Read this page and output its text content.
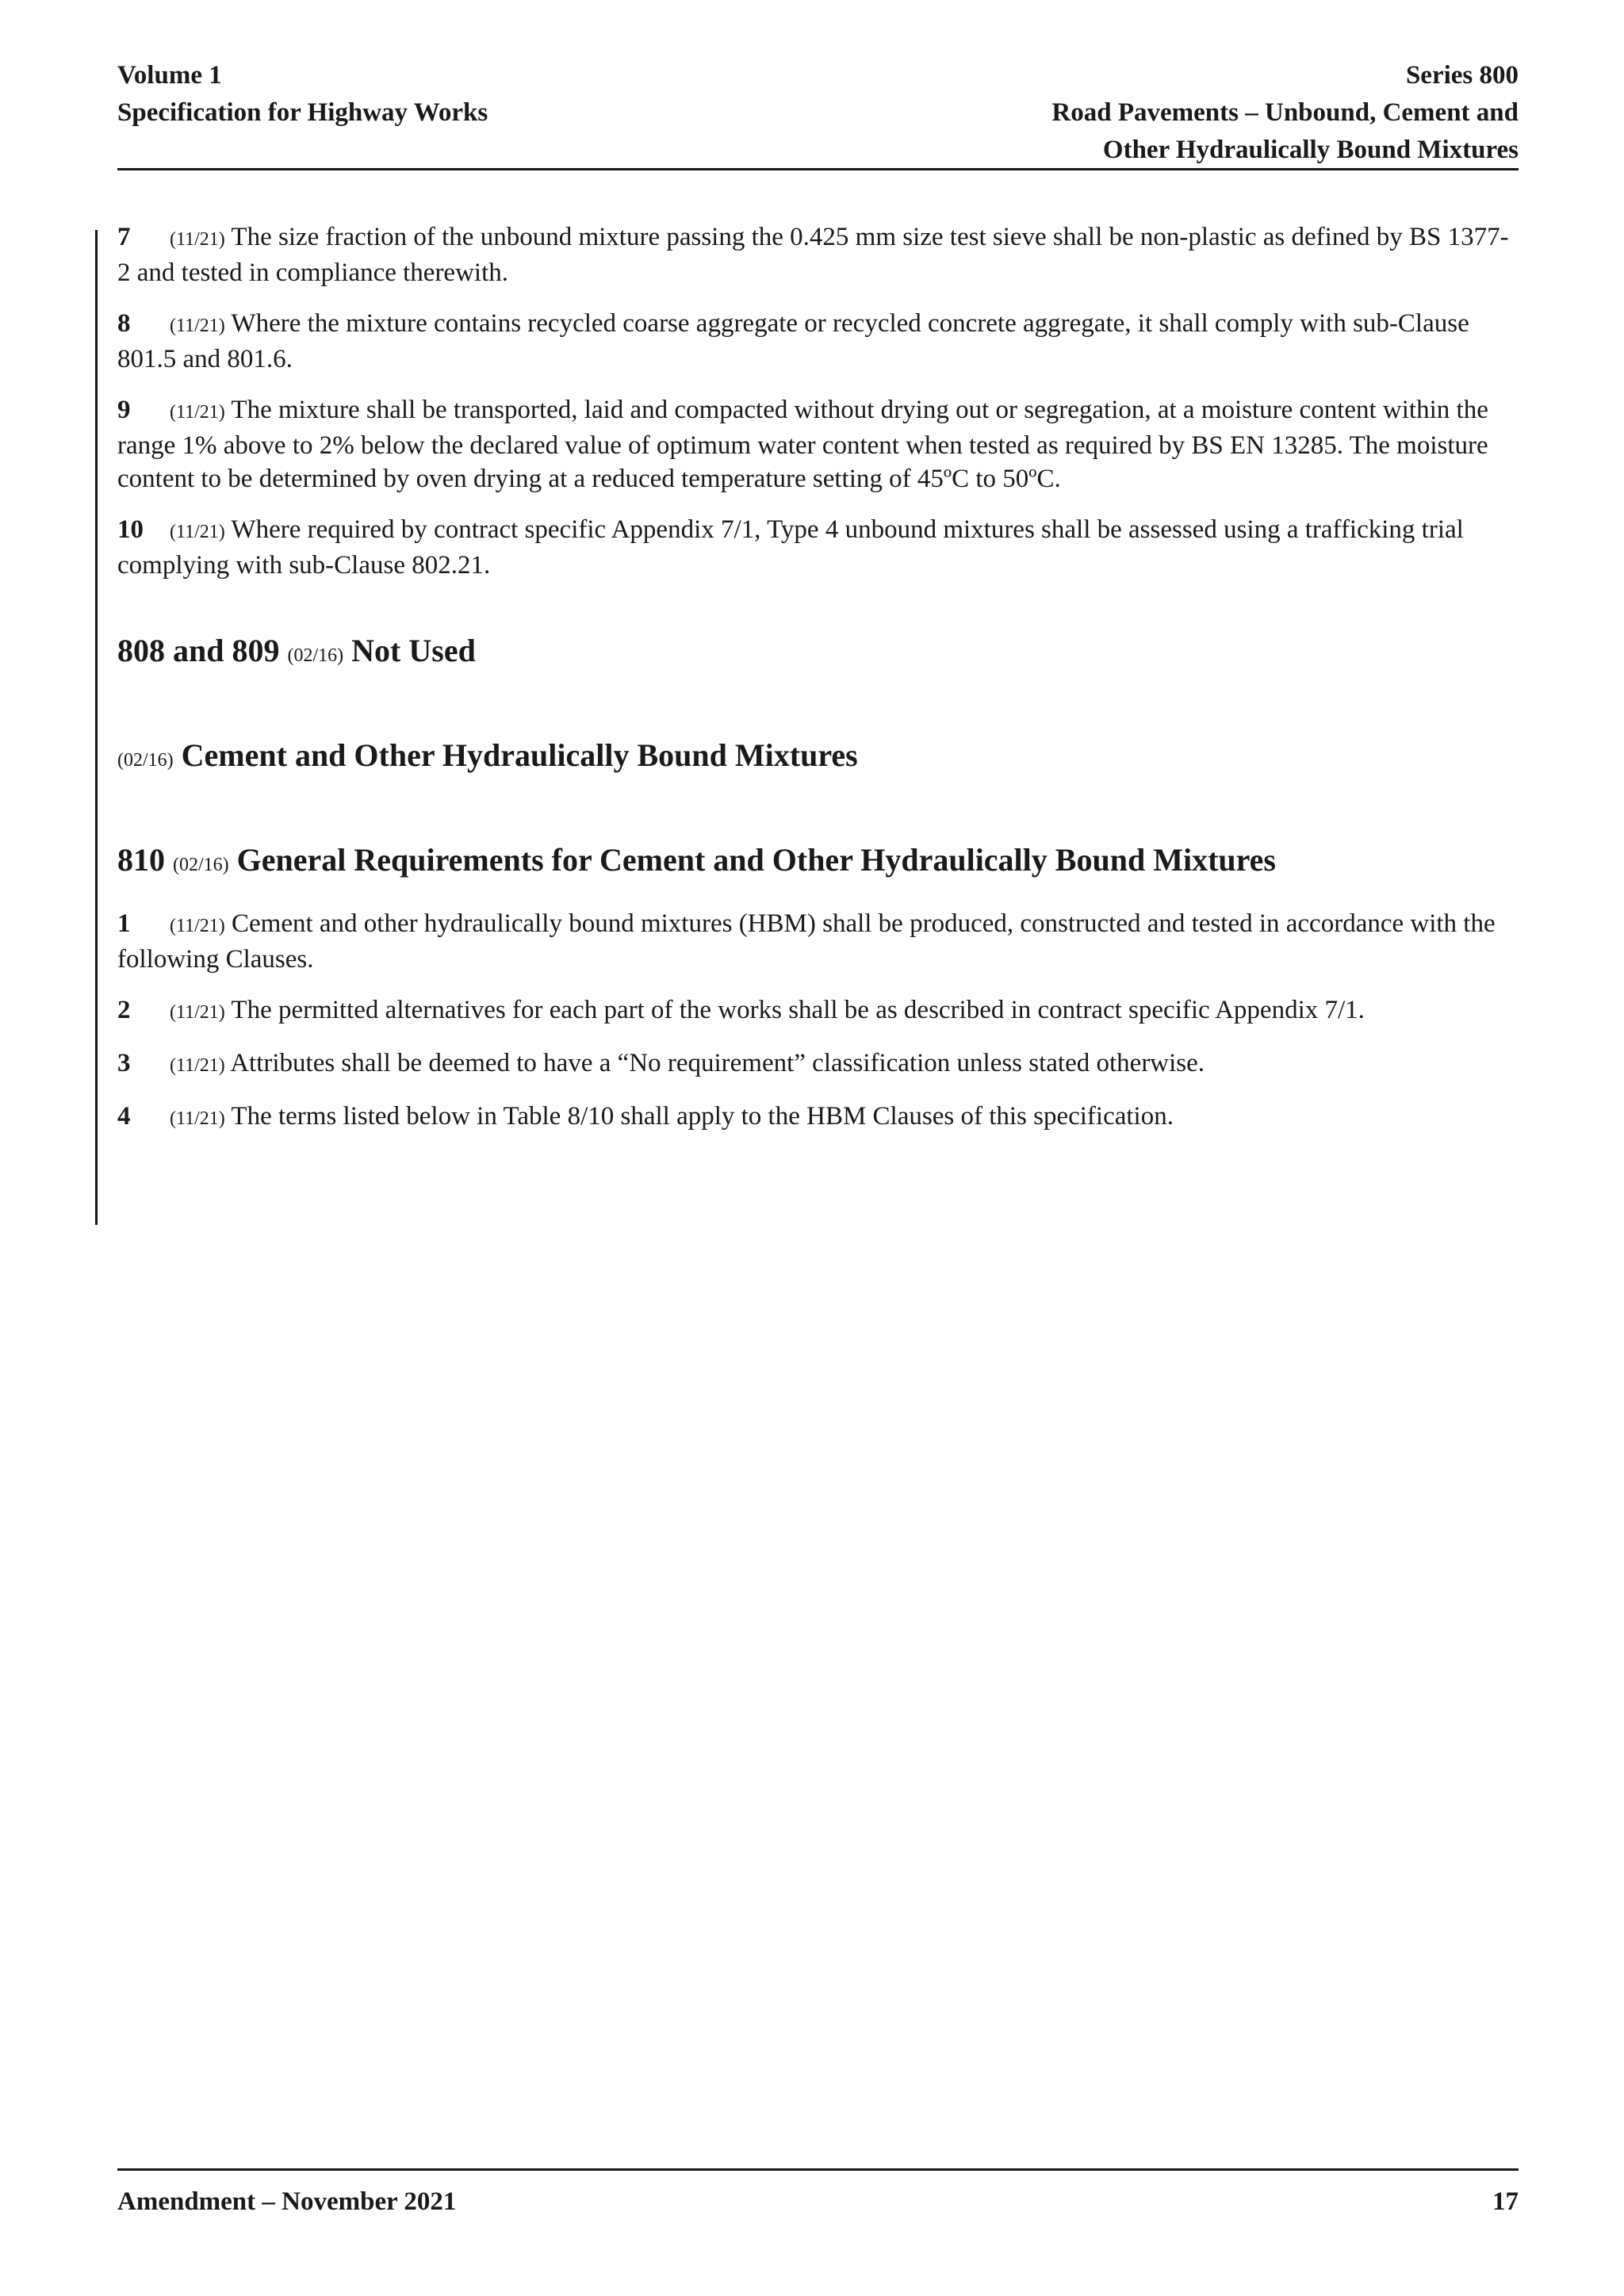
Volume 1
Specification for Highway Works
Series 800
Road Pavements – Unbound, Cement and
Other Hydraulically Bound Mixtures
7 (11/21) The size fraction of the unbound mixture passing the 0.425 mm size test sieve shall be non-plastic as defined by BS 1377-2 and tested in compliance therewith.
8 (11/21) Where the mixture contains recycled coarse aggregate or recycled concrete aggregate, it shall comply with sub-Clause 801.5 and 801.6.
9 (11/21) The mixture shall be transported, laid and compacted without drying out or segregation, at a moisture content within the range 1% above to 2% below the declared value of optimum water content when tested as required by BS EN 13285. The moisture content to be determined by oven drying at a reduced temperature setting of 45ºC to 50ºC.
10 (11/21) Where required by contract specific Appendix 7/1, Type 4 unbound mixtures shall be assessed using a trafficking trial complying with sub-Clause 802.21.
808 and 809 (02/16) Not Used
(02/16) Cement and Other Hydraulically Bound Mixtures
810 (02/16) General Requirements for Cement and Other Hydraulically Bound Mixtures
1 (11/21) Cement and other hydraulically bound mixtures (HBM) shall be produced, constructed and tested in accordance with the following Clauses.
2 (11/21) The permitted alternatives for each part of the works shall be as described in contract specific Appendix 7/1.
3 (11/21) Attributes shall be deemed to have a “No requirement” classification unless stated otherwise.
4 (11/21) The terms listed below in Table 8/10 shall apply to the HBM Clauses of this specification.
Amendment – November 2021	17
